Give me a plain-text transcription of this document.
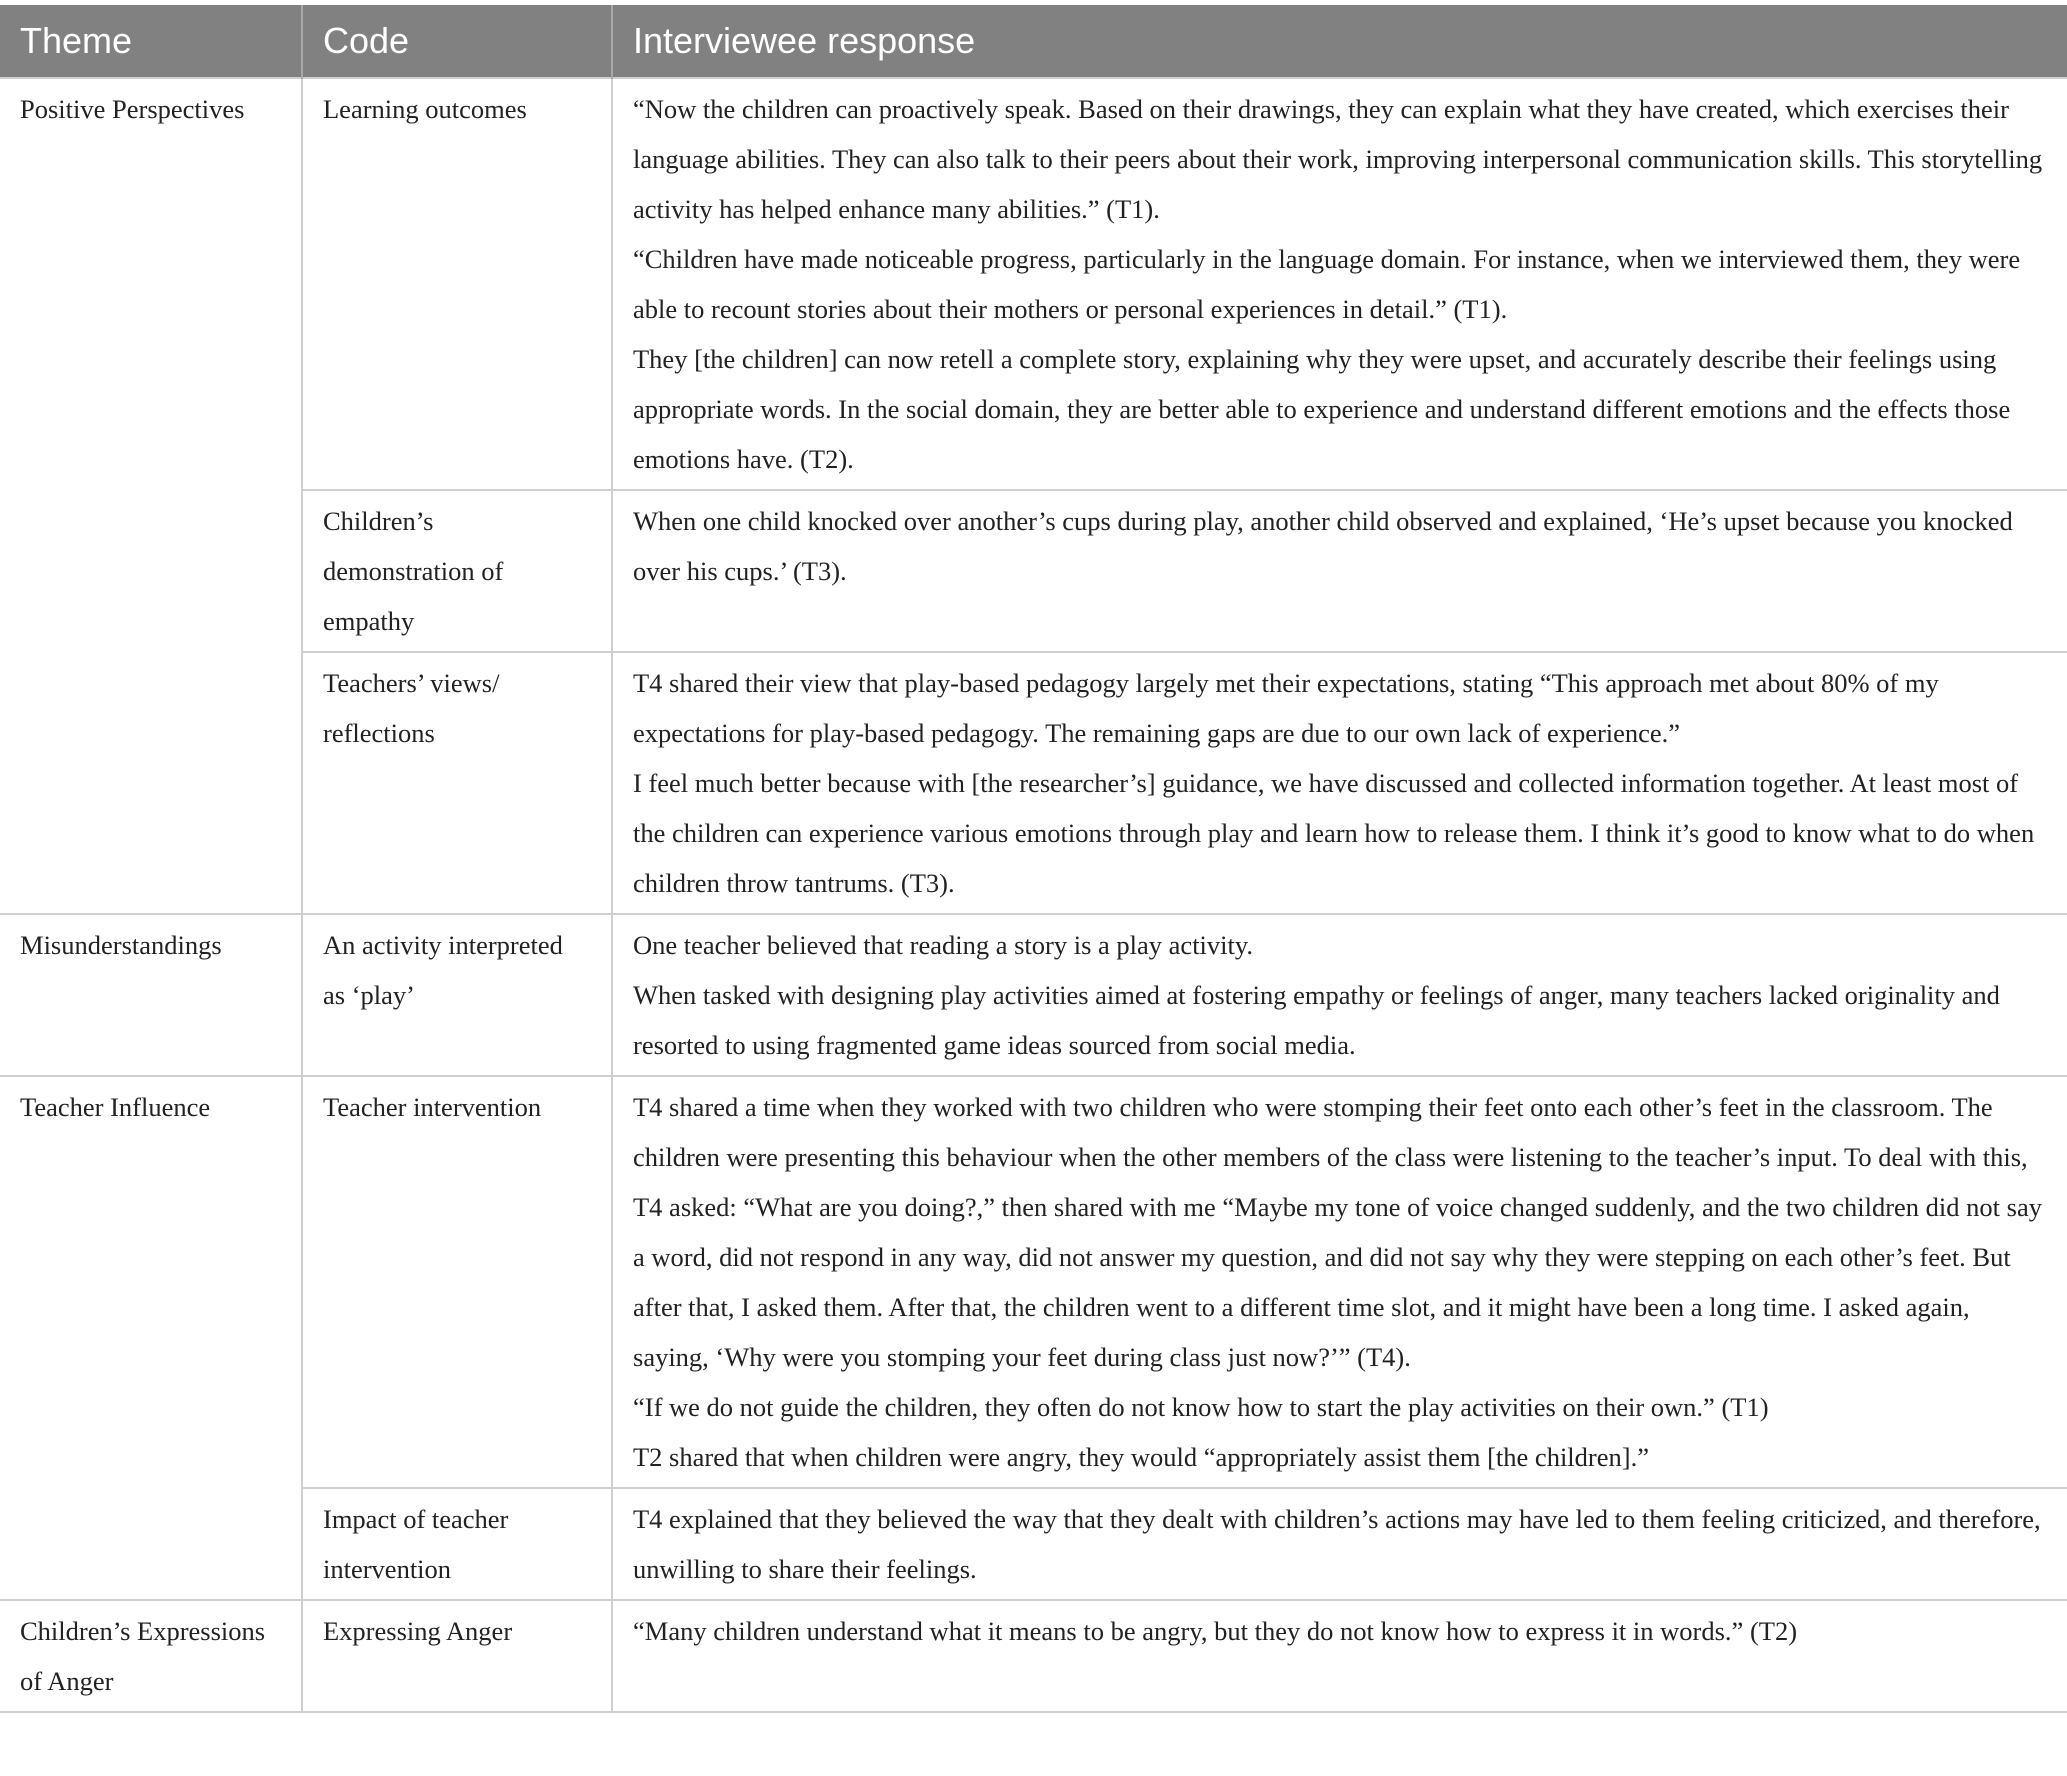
Theme	Code	Interviewee response
Positive Perspectives	Learning outcomes	“Now the children can proactively speak. Based on their drawings, they can explain what they have created, which exercises their language abilities. They can also talk to their peers about their work, improving interpersonal communication skills. This storytelling activity has helped enhance many abilities.” (T1).

“Children have made noticeable progress, particularly in the language domain. For instance, when we interviewed them, they were able to recount stories about their mothers or personal experiences in detail.” (T1).

They [the children] can now retell a complete story, explaining why they were upset, and accurately describe their feelings using appropriate words. In the social domain, they are better able to experience and understand different emotions and the effects those emotions have. (T2).

	Children’s demonstration of empathy	When one child knocked over another’s cups during play, another child observed and explained, ‘He’s upset because you knocked over his cups.’ (T3).

	Teachers’ views/ reflections	T4 shared their view that play-based pedagogy largely met their expectations, stating “This approach met about 80% of my expectations for play-based pedagogy. The remaining gaps are due to our own lack of experience.”

I feel much better because with [the researcher’s] guidance, we have discussed and collected information together. At least most of the children can experience various emotions through play and learn how to release them. I think it’s good to know what to do when children throw tantrums. (T3).

Misunderstandings	An activity interpreted as ‘play’	One teacher believed that reading a story is a play activity.

When tasked with designing play activities aimed at fostering empathy or feelings of anger, many teachers lacked originality and resorted to using fragmented game ideas sourced from social media.

Teacher Influence	Teacher intervention	T4 shared a time when they worked with two children who were stomping their feet onto each other’s feet in the classroom. The children were presenting this behaviour when the other members of the class were listening to the teacher’s input. To deal with this, T4 asked: “What are you doing?,” then shared with me “Maybe my tone of voice changed suddenly, and the two children did not say a word, did not respond in any way, did not answer my question, and did not say why they were stepping on each other’s feet. But after that, I asked them. After that, the children went to a different time slot, and it might have been a long time. I asked again, saying, ‘Why were you stomping your feet during class just now?’” (T4).

“If we do not guide the children, they often do not know how to start the play activities on their own.” (T1)

T2 shared that when children were angry, they would “appropriately assist them [the children].”

	Impact of teacher intervention	T4 explained that they believed the way that they dealt with children’s actions may have led to them feeling criticized, and therefore, unwilling to share their feelings.

Children’s Expressions of Anger	Expressing Anger	“Many children understand what it means to be angry, but they do not know how to express it in words.” (T2)
